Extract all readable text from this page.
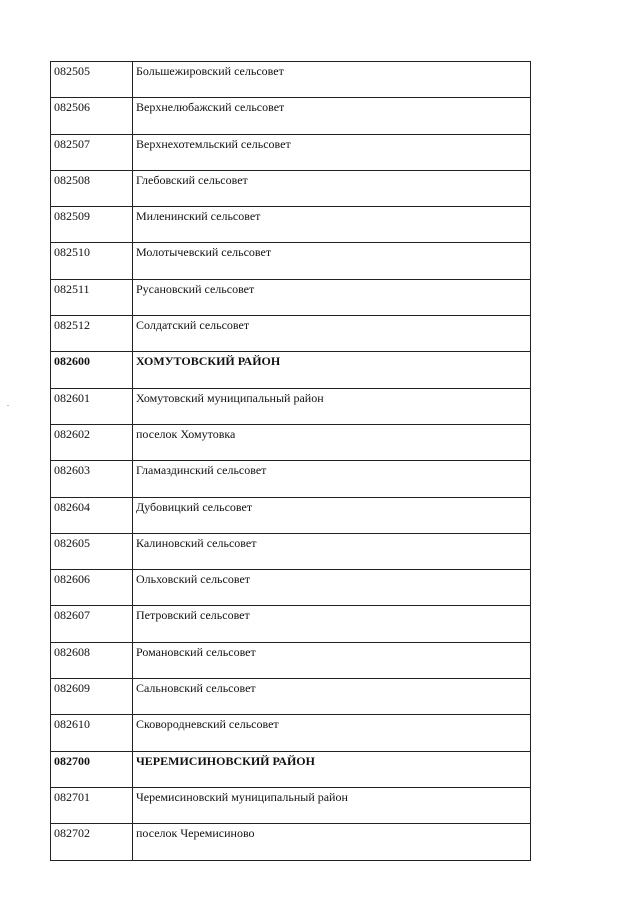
082505	Большежировский сельсовет
082506	Верхнелюбажский сельсовет
082507	Верхнехотемльский сельсовет
082508	Глебовский сельсовет
082509	Миленинский сельсовет
082510	Молотычевский сельсовет
082511	Русановский сельсовет
082512	Солдатский сельсовет
082600	ХОМУТОВСКИЙ РАЙОН
082601	Хомутовский муниципальный район
082602	поселок Хомутовка
082603	Гламаздинский сельсовет
082604	Дубовицкий сельсовет
082605	Калиновский сельсовет
082606	Ольховский сельсовет
082607	Петровский сельсовет
082608	Романовский сельсовет
082609	Сальновский сельсовет
082610	Сковородневский сельсовет
082700	ЧЕРЕМИСИНОВСКИЙ РАЙОН
082701	Черемисиновский муниципальный район
082702	поселок Черемисиново
